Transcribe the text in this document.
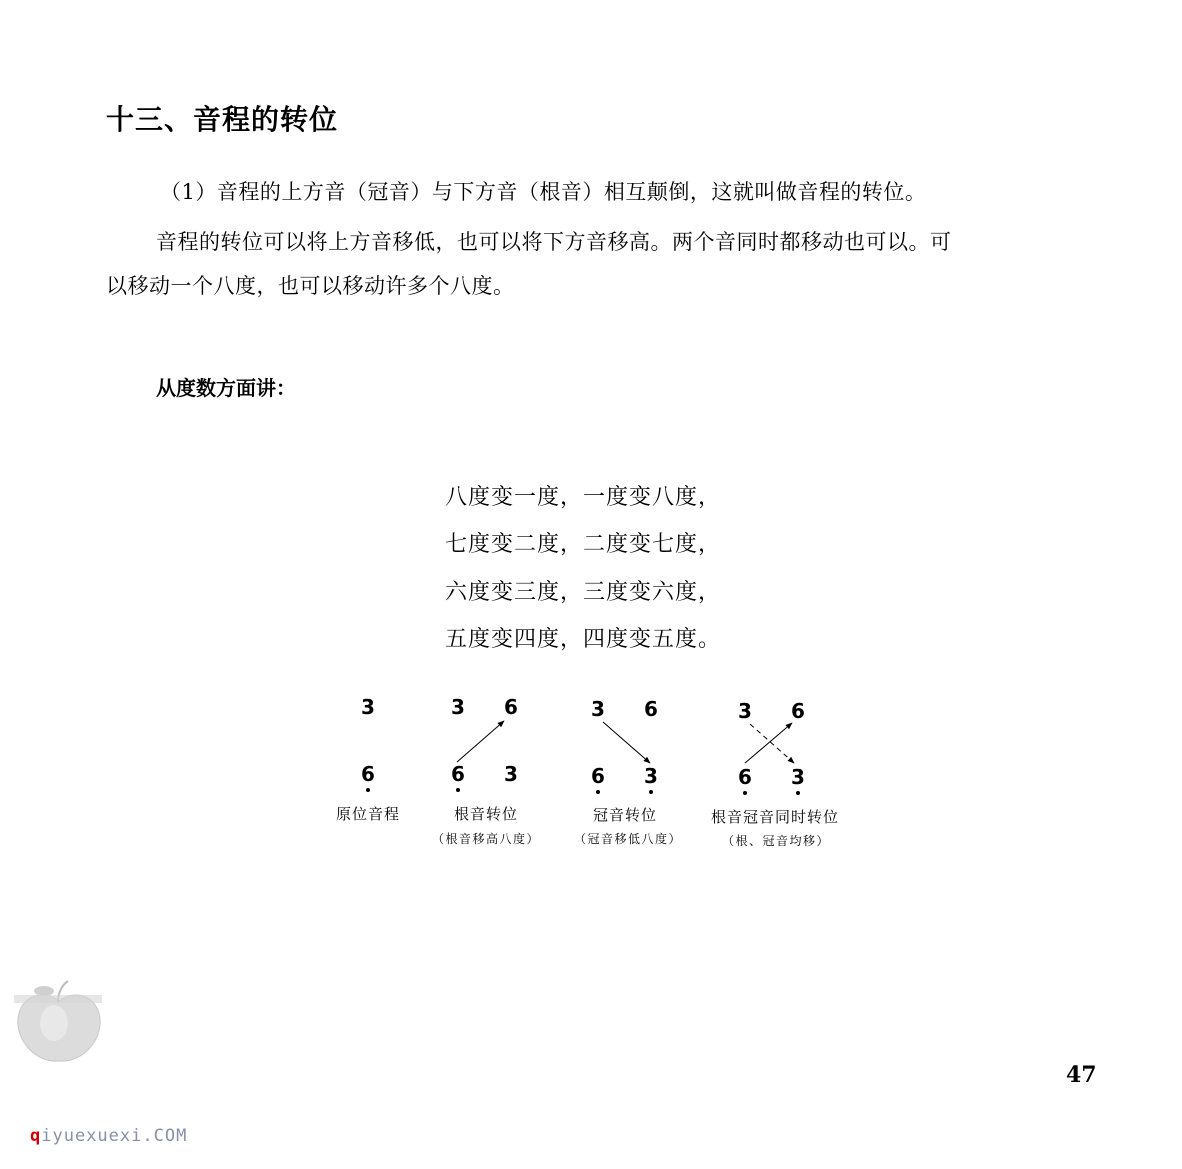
十三、音程的转位
（1）音程的上方音（冠音）与下方音（根音）相互颠倒，这就叫做音程的转位。
音程的转位可以将上方音移低，也可以将下方音移高。两个音同时都移动也可以。可
以移动一个八度，也可以移动许多个八度。
从度数方面讲：
八度变一度，一度变八度，
七度变二度，二度变七度，
六度变三度，三度变六度，
五度变四度，四度变五度。
3
6
原位音程
3 6
6 3
根音转位
（根音移高八度）
3 6
6 3
冠音转位
（冠音移低八度）
3 6
6 3
根音冠音同时转位
（根、冠音均移）
47
qiyuexuexi.COM
